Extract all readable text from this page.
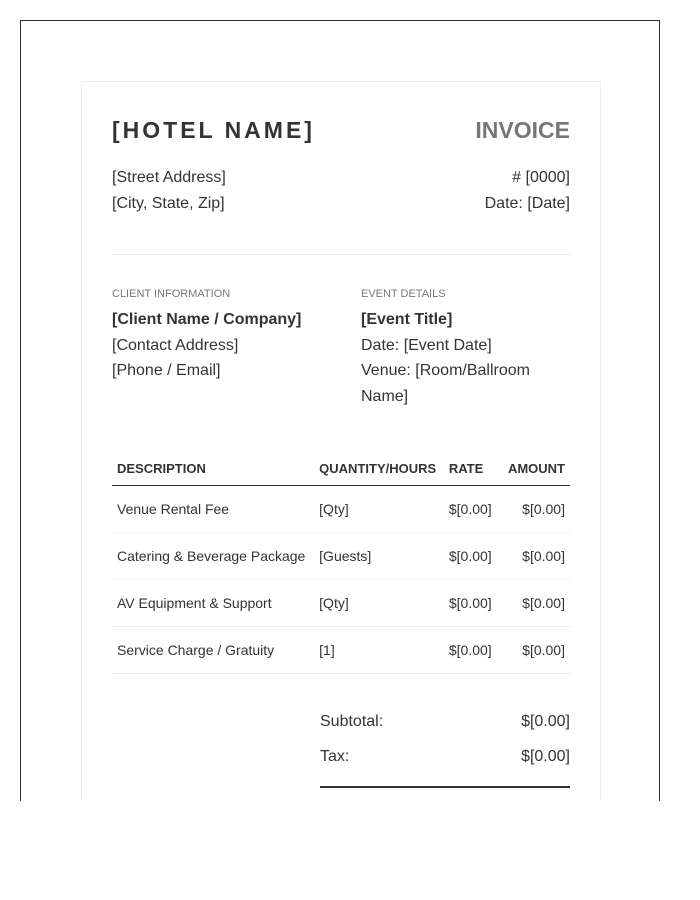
[HOTEL NAME]	INVOICE
[Street Address]
[City, State, Zip]
# [0000]
Date: [Date]
CLIENT INFORMATION
[Client Name / Company]
[Contact Address]
[Phone / Email]
EVENT DETAILS
[Event Title]
Date: [Event Date]
Venue: [Room/Ballroom
Name]
DESCRIPTION	QUANTITY/HOURS	RATE	AMOUNT
Venue Rental Fee	[Qty]	$[0.00]	$[0.00]
Catering & Beverage Package	[Guests]	$[0.00]	$[0.00]
AV Equipment & Support	[Qty]	$[0.00]	$[0.00]
Service Charge / Gratuity	[1]	$[0.00]	$[0.00]
Subtotal:	$[0.00]
Tax:	$[0.00]
